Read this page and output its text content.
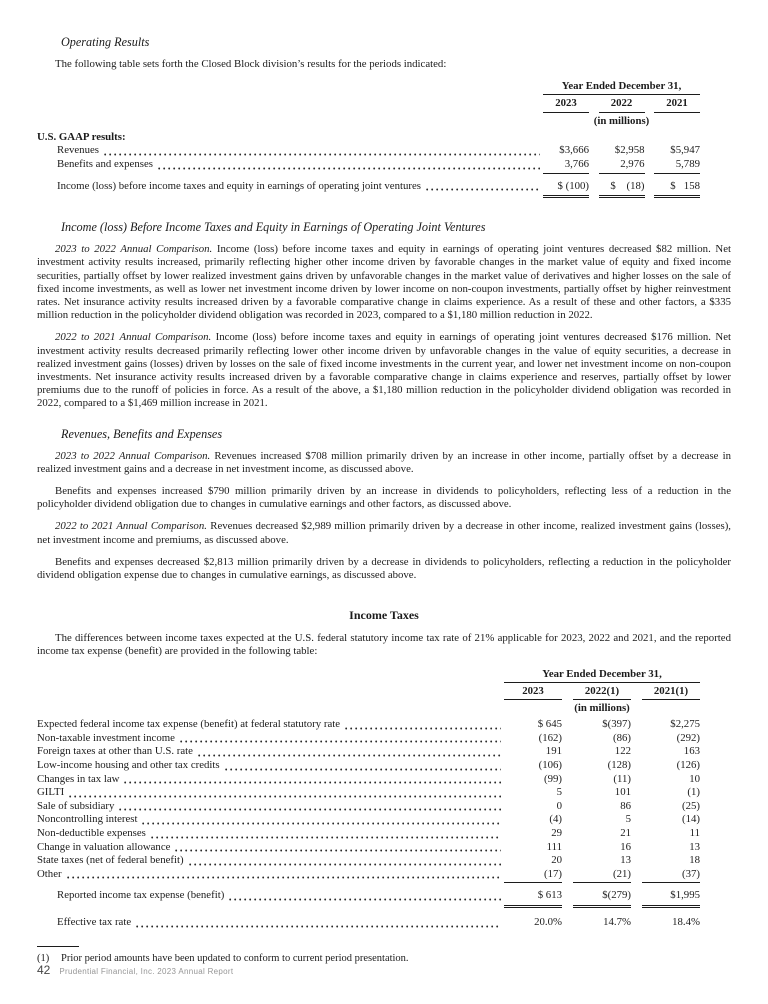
Operating Results

The following table sets forth the Closed Block division’s results for the periods indicated:

Year Ended December 31,
2023	2022	2021
(in millions)
U.S. GAAP results:
Revenues	$3,666	$2,958	$5,947
Benefits and expenses	3,766	2,976	5,789
Income (loss) before income taxes and equity in earnings of operating joint ventures	$ (100)	$    (18)	$   158
Income (loss) Before Income Taxes and Equity in Earnings of Operating Joint Ventures

2023 to 2022 Annual Comparison. Income (loss) before income taxes and equity in earnings of operating joint ventures decreased $82 million. Net investment activity results increased, primarily reflecting higher other income driven by favorable changes in the market value of equity and fixed income securities, partially offset by lower realized investment gains driven by unfavorable changes in the market value of derivatives and higher losses on the sale of fixed income investments, as well as lower net investment income driven by lower income on non-coupon investments, partially offset by higher reinvestment rates. Net insurance activity results increased driven by a favorable comparative change in claims experience. As a result of these and other factors, a $335 million reduction in the policyholder dividend obligation was recorded in 2023, compared to a $1,180 million reduction in 2022.

2022 to 2021 Annual Comparison. Income (loss) before income taxes and equity in earnings of operating joint ventures decreased $176 million. Net investment activity results decreased primarily reflecting lower other income driven by unfavorable changes in the value of equity securities, a decrease in realized investment gains (losses) driven by losses on the sale of fixed income investments in the current year, and lower net investment income on non-coupon investments. Net insurance activity results increased driven by a favorable comparative change in claims experience and reserves, partially offset by lower premiums due to the runoff of policies in force. As a result of the above, a $1,180 million reduction in the policyholder dividend obligation was recorded in 2022, compared to a $1,469 million increase in 2021.

Revenues, Benefits and Expenses

2023 to 2022 Annual Comparison. Revenues increased $708 million primarily driven by an increase in other income, partially offset by a decrease in realized investment gains and a decrease in net investment income, as discussed above.

Benefits and expenses increased $790 million primarily driven by an increase in dividends to policyholders, reflecting less of a reduction in the policyholder dividend obligation due to changes in cumulative earnings and other factors, as discussed above.

2022 to 2021 Annual Comparison. Revenues decreased $2,989 million primarily driven by a decrease in other income, realized investment gains (losses), net investment income and premiums, as discussed above.

Benefits and expenses decreased $2,813 million primarily driven by a decrease in dividends to policyholders, reflecting a reduction in the policyholder dividend obligation expense due to changes in cumulative earnings, as discussed above.

Income Taxes

The differences between income taxes expected at the U.S. federal statutory income tax rate of 21% applicable for 2023, 2022 and 2021, and the reported income tax expense (benefit) are provided in the following table:

Year Ended December 31,
2023	2022(1)	2021(1)
(in millions)
Expected federal income tax expense (benefit) at federal statutory rate	$ 645	$(397)	$2,275
Non-taxable investment income	(162)	(86)	(292)
Foreign taxes at other than U.S. rate	191	122	163
Low-income housing and other tax credits	(106)	(128)	(126)
Changes in tax law	(99)	(11)	10
GILTI	5	101	(1)
Sale of subsidiary	0	86	(25)
Noncontrolling interest	(4)	5	(14)
Non-deductible expenses	29	21	11
Change in valuation allowance	111	16	13
State taxes (net of federal benefit)	20	13	18
Other	(17)	(21)	(37)
Reported income tax expense (benefit)	$ 613	$(279)	$1,995
Effective tax rate	20.0%	14.7%	18.4%
(1)	Prior period amounts have been updated to conform to current period presentation.
42 Prudential Financial, Inc. 2023 Annual Report
